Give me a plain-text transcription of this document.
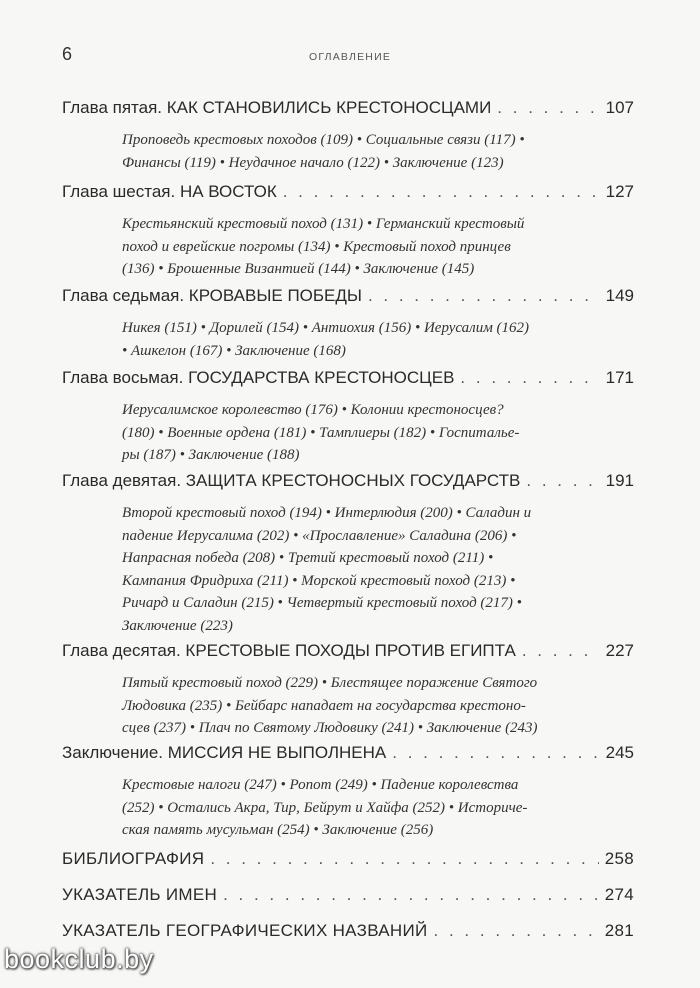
6	ОГЛАВЛЕНИЕ
Глава пятая. КАК СТАНОВИЛИСЬ КРЕСТОНОСЦАМИ . . .	107
Проповедь крестовых походов (109) • Социальные связи (117) •
Финансы (119) • Неудачное начало (122) • Заключение (123)
Глава шестая. НА ВОСТОК . . .	127
Крестьянский крестовый поход (131) • Германский крестовый
поход и еврейские погромы (134) • Крестовый поход принцев
(136) • Брошенные Византией (144) • Заключение (145)
Глава седьмая. КРОВАВЫЕ ПОБЕДЫ . . .	149
Никея (151) • Дорилей (154) • Антиохия (156) • Иерусалим (162)
• Ашкелон (167) • Заключение (168)
Глава восьмая. ГОСУДАРСТВА КРЕСТОНОСЦЕВ . . .	171
Иерусалимское королевство (176) • Колонии крестоносцев?
(180) • Военные ордена (181) • Тамплиеры (182) • Госпитальe-
ры (187) • Заключение (188)
Глава девятая. ЗАЩИТА КРЕСТОНОСНЫХ ГОСУДАРСТВ . . .	191
Второй крестовый поход (194) • Интерлюдия (200) • Саладин и
падение Иерусалима (202) • «Прославление» Саладина (206) •
Напрасная победа (208) • Третий крестовый поход (211) •
Кампания Фридриха (211) • Морской крестовый поход (213) •
Ричард и Саладин (215) • Четвертый крестовый поход (217) •
Заключение (223)
Глава десятая. КРЕСТОВЫЕ ПОХОДЫ ПРОТИВ ЕГИПТА . . .	227
Пятый крестовый поход (229) • Блестящее поражение Святого
Людовика (235) • Бейбарс нападает на государства крестоно-
сцев (237) • Плач по Святому Людовику (241) • Заключение (243)
Заключение. МИССИЯ НЕ ВЫПОЛНЕНА . . .	245
Крестовые налоги (247) • Ропот (249) • Падение королевства
(252) • Остались Акра, Тир, Бейрут и Хайфа (252) • Историче-
ская память мусульман (254) • Заключение (256)
БИБЛИОГРАФИЯ . . .	258
УКАЗАТЕЛЬ ИМЕН . . .	274
УКАЗАТЕЛЬ ГЕОГРАФИЧЕСКИХ НАЗВАНИЙ . . .	281
bookclub.by
